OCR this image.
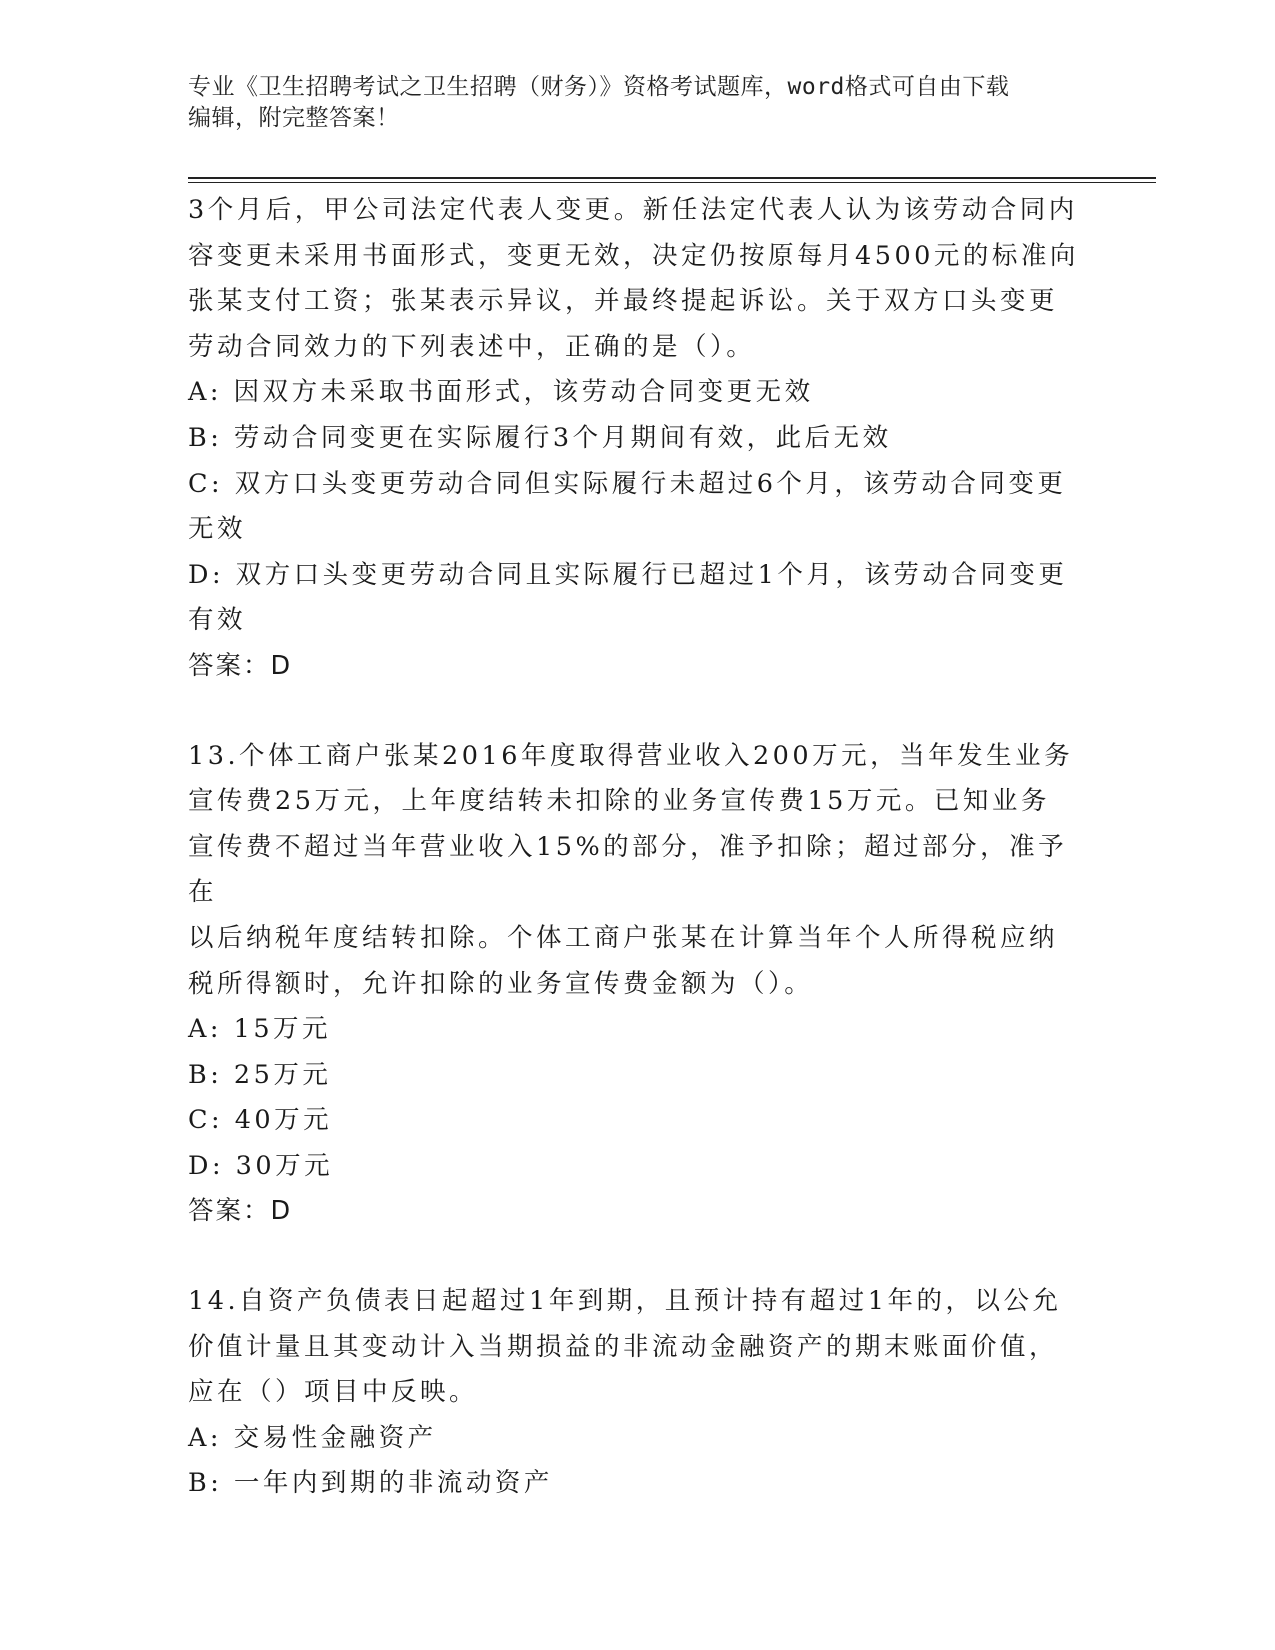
专业《卫生招聘考试之卫生招聘（财务）》资格考试题库，word格式可自由下载
编辑，附完整答案！

3个月后，甲公司法定代表人变更。新任法定代表人认为该劳动合同内

容变更未采用书面形式，变更无效，决定仍按原每月4500元的标准向

张某支付工资；张某表示异议，并最终提起诉讼。关于双方口头变更

劳动合同效力的下列表述中，正确的是（）。

A: 因双方未采取书面形式，该劳动合同变更无效

B: 劳动合同变更在实际履行3个月期间有效，此后无效

C: 双方口头变更劳动合同但实际履行未超过6个月，该劳动合同变更

无效

D: 双方口头变更劳动合同且实际履行已超过1个月，该劳动合同变更

有效

答案：D

13.个体工商户张某2016年度取得营业收入200万元，当年发生业务

宣传费25万元，上年度结转未扣除的业务宣传费15万元。已知业务

宣传费不超过当年营业收入15%的部分，准予扣除；超过部分，准予在

以后纳税年度结转扣除。个体工商户张某在计算当年个人所得税应纳

税所得额时，允许扣除的业务宣传费金额为（）。

A: 15万元

B: 25万元

C: 40万元

D: 30万元

答案：D

14.自资产负债表日起超过1年到期，且预计持有超过1年的，以公允

价值计量且其变动计入当期损益的非流动金融资产的期末账面价值，

应在（）项目中反映。

A: 交易性金融资产

B: 一年内到期的非流动资产
